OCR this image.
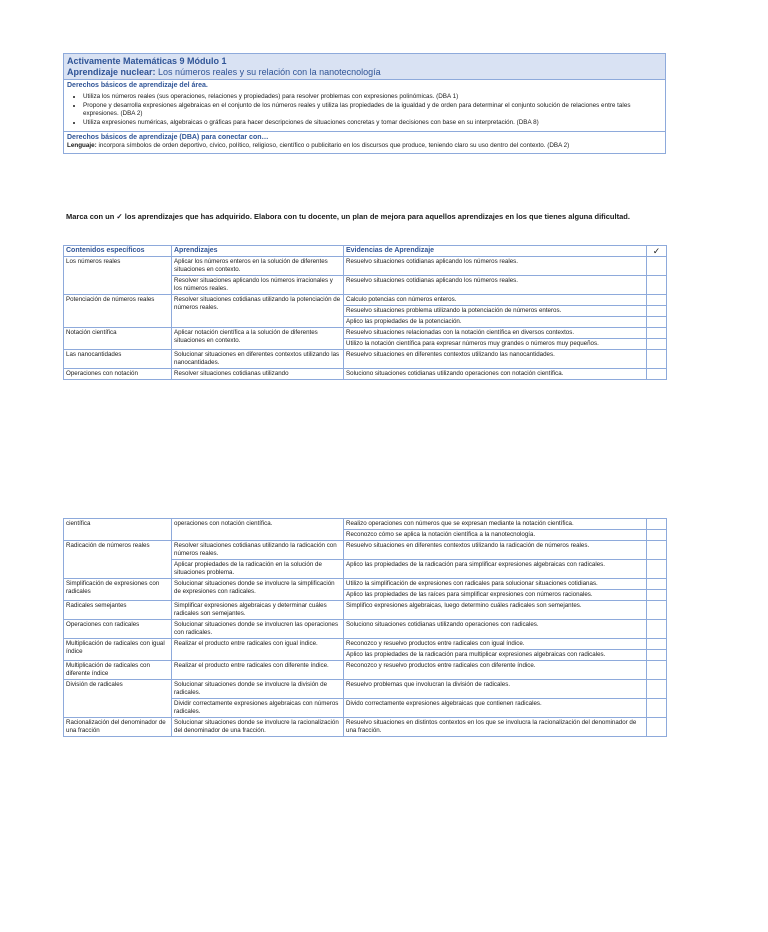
Activamente Matemáticas 9 Módulo 1
Aprendizaje nuclear: Los números reales y su relación con la nanotecnología
Derechos básicos de aprendizaje del área.
• Utiliza los números reales (sus operaciones, relaciones y propiedades) para resolver problemas con expresiones polinómicas. (DBA 1)
• Propone y desarrolla expresiones algebraicas en el conjunto de los números reales y utiliza las propiedades de la igualdad y de orden para determinar el conjunto solución de relaciones entre tales expresiones. (DBA 2)
• Utiliza expresiones numéricas, algebraicas o gráficas para hacer descripciones de situaciones concretas y tomar decisiones con base en su interpretación. (DBA 8)
Derechos básicos de aprendizaje (DBA) para conectar con…
Lenguaje: incorpora símbolos de orden deportivo, cívico, político, religioso, científico o publicitario en los discursos que produce, teniendo claro su uso dentro del contexto. (DBA 2)
Marca con un ✓ los aprendizajes que has adquirido. Elabora con tu docente, un plan de mejora para aquellos aprendizajes en los que tienes alguna dificultad.
Contenidos específicos	Aprendizajes	Evidencias de Aprendizaje	✓
Los números reales	Aplicar los números enteros en la solución de diferentes situaciones en contexto.	Resuelvo situaciones cotidianas aplicando los números reales.	
	Resolver situaciones aplicando los números irracionales y los números reales.	Resuelvo situaciones cotidianas aplicando los números reales.	
Potenciación de números reales	Resolver situaciones cotidianas utilizando la potenciación de números reales.	Calculo potencias con números enteros.	
		Resuelvo situaciones problema utilizando la potenciación de números enteros.	
		Aplico las propiedades de la potenciación.	
Notación científica	Aplicar notación científica a la solución de diferentes situaciones en contexto.	Resuelvo situaciones relacionadas con la notación científica en diversos contextos.	
		Utilizo la notación científica para expresar números muy grandes o números muy pequeños.	
Las nanocantidades	Solucionar situaciones en diferentes contextos utilizando las nanocantidades.	Resuelvo situaciones en diferentes contextos utilizando las nanocantidades.	
Operaciones con notación	Resolver situaciones cotidianas utilizando	Soluciono situaciones cotidianas utilizando operaciones con notación científica.	
científica	operaciones con notación científica.	Realizo operaciones con números que se expresan mediante la notación científica.	
		Reconozco cómo se aplica la notación científica a la nanotecnología.	
Radicación de números reales	Resolver situaciones cotidianas utilizando la radicación con números reales.	Resuelvo situaciones en diferentes contextos utilizando la radicación de números reales.	
	Aplicar propiedades de la radicación en la solución de situaciones problema.	Aplico las propiedades de la radicación para simplificar expresiones algebraicas con radicales.	
Simplificación de expresiones con radicales	Solucionar situaciones donde se involucre la simplificación de expresiones con radicales.	Utilizo la simplificación de expresiones con radicales para solucionar situaciones cotidianas.	
		Aplico las propiedades de las raíces para simplificar expresiones con números racionales.	
Radicales semejantes	Simplificar expresiones algebraicas y determinar cuáles radicales son semejantes.	Simplifico expresiones algebraicas, luego determino cuáles radicales son semejantes.	
Operaciones con radicales	Solucionar situaciones donde se involucren las operaciones con radicales.	Soluciono situaciones cotidianas utilizando operaciones con radicales.	
Multiplicación de radicales con igual índice	Realizar el producto entre radicales con igual índice.	Reconozco y resuelvo productos entre radicales con igual índice.	
		Aplico las propiedades de la radicación para multiplicar expresiones algebraicas con radicales.	
Multiplicación de radicales con diferente índice	Realizar el producto entre radicales con diferente índice.	Reconozco y resuelvo productos entre radicales con diferente índice.	
División de radicales	Solucionar situaciones donde se involucre la división de radicales.	Resuelvo problemas que involucran la división de radicales.	
	Dividir correctamente expresiones algebraicas con números radicales.	Divido correctamente expresiones algebraicas que contienen radicales.	
Racionalización del denominador de una fracción	Solucionar situaciones donde se involucre la racionalización del denominador de una fracción.	Resuelvo situaciones en distintos contextos en los que se involucra la racionalización del denominador de una fracción.	
